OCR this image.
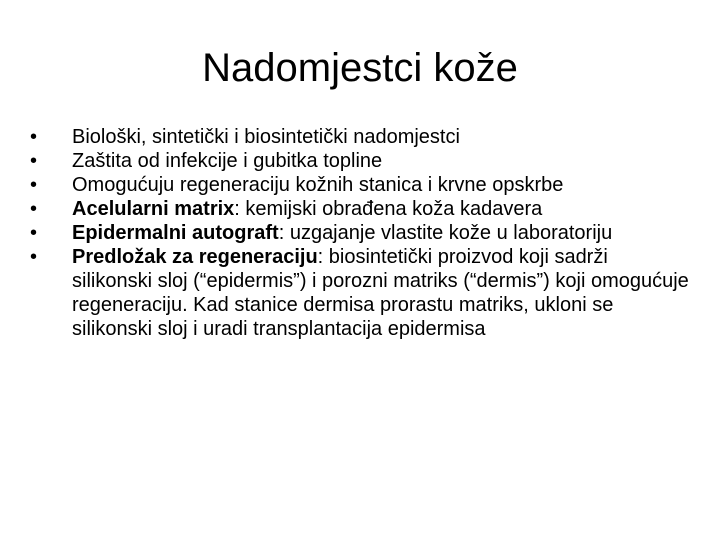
Nadomjestci kože
•	Biološki, sintetički i biosintetički nadomjestci
•	Zaštita od infekcije i gubitka topline
•	Omogućuju regeneraciju kožnih stanica i krvne opskrbe
•	Acelularni matrix: kemijski obrađena koža kadavera
•	Epidermalni autograft: uzgajanje vlastite kože u laboratoriju
•	Predložak za regeneraciju: biosintetički proizvod koji sadrži silikonski sloj (“epidermis”) i porozni matriks (“dermis”) koji omogućuje regeneraciju. Kad stanice dermisa prorastu matriks, ukloni se silikonski sloj i uradi transplantacija epidermisa
